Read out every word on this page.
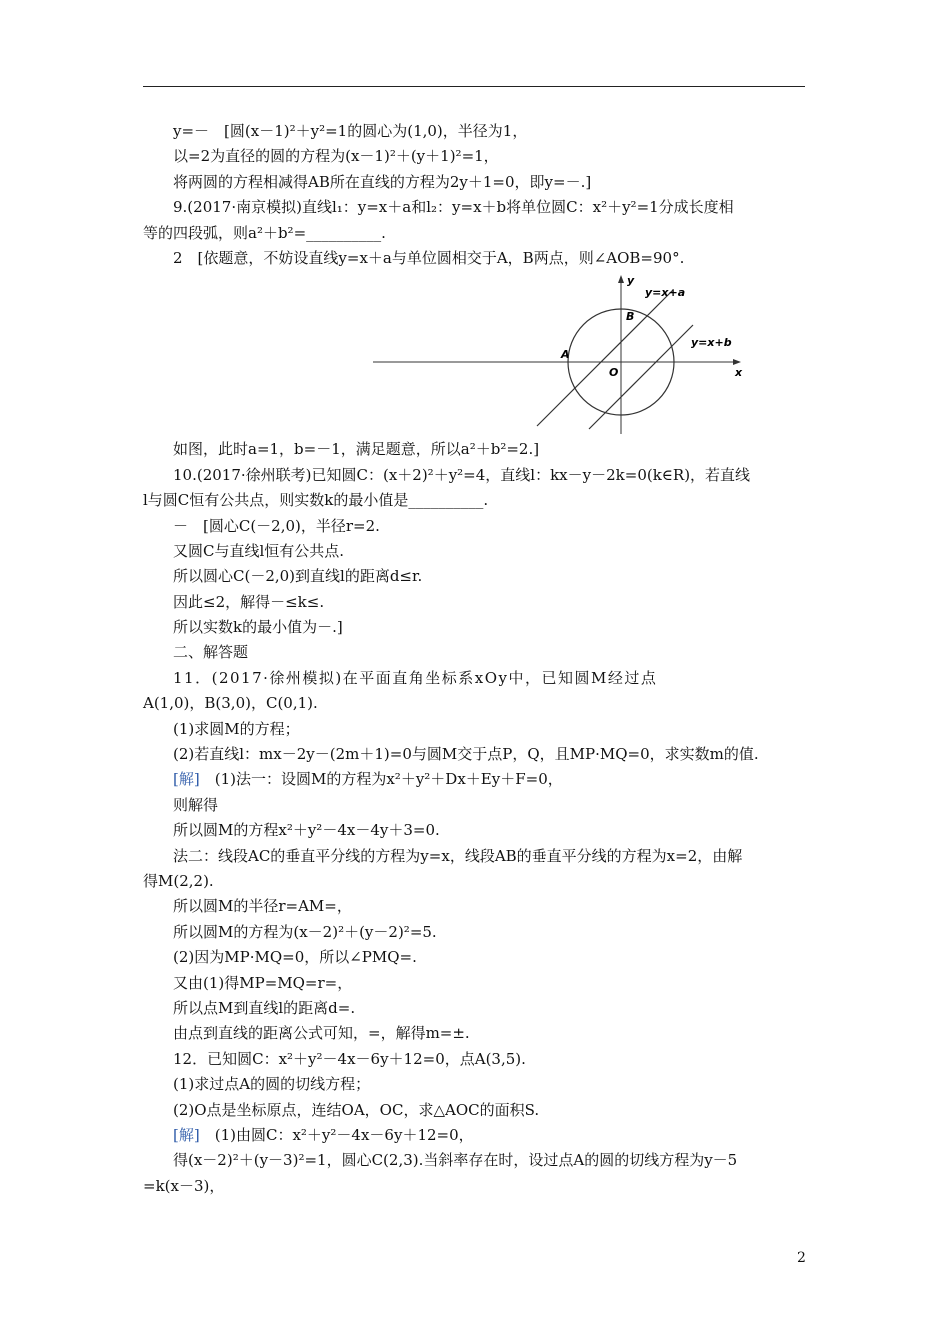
y=－　[圆(x－1)²＋y²=1的圆心为(1,0)，半径为1，
以=2为直径的圆的方程为(x－1)²＋(y＋1)²=1，
将两圆的方程相减得AB所在直线的方程为2y＋1=0，即y=－.]
9.(2017·南京模拟)直线l₁：y=x＋a和l₂：y=x＋b将单位圆C：x²＋y²=1分成长度相
等的四段弧，则a²＋b²=__________.
2　[依题意，不妨设直线y=x＋a与单位圆相交于A，B两点，则∠AOB=90°.
y=x+a
y=x+b
A
B
O	x
y
如图，此时a=1，b=－1，满足题意，所以a²＋b²=2.]
10.(2017·徐州联考)已知圆C：(x＋2)²＋y²=4，直线l：kx－y－2k=0(k∈R)，若直线
l与圆C恒有公共点，则实数k的最小值是__________.
－　[圆心C(－2,0)，半径r=2.
又圆C与直线l恒有公共点.
所以圆心C(－2,0)到直线l的距离d≤r.
因此≤2，解得－≤k≤.
所以实数k的最小值为－.]
二、解答题
11．(2017·徐州模拟)在平面直角坐标系xOy中，已知圆M经过点
A(1,0)，B(3,0)，C(0,1).
(1)求圆M的方程；
(2)若直线l：mx－2y－(2m＋1)=0与圆M交于点P，Q，且MP·MQ=0，求实数m的值.
[解]　 (1)法一：设圆M的方程为x²＋y²＋Dx＋Ey＋F=0，
则解得
所以圆M的方程x²＋y²－4x－4y＋3=0.
法二：线段AC的垂直平分线的方程为y=x，线段AB的垂直平分线的方程为x=2，由解
得M(2,2).
所以圆M的半径r=AM=，
所以圆M的方程为(x－2)²＋(y－2)²=5.
(2)因为MP·MQ=0，所以∠PMQ=.
又由(1)得MP=MQ=r=，
所以点M到直线l的距离d=.
由点到直线的距离公式可知，=，解得m=±.
12．已知圆C：x²＋y²－4x－6y＋12=0，点A(3,5).
(1)求过点A的圆的切线方程；
(2)O点是坐标原点，连结OA，OC，求△AOC的面积S.
[解]　 (1)由圆C：x²＋y²－4x－6y＋12=0，
得(x－2)²＋(y－3)²=1，圆心C(2,3).当斜率存在时，设过点A的圆的切线方程为y－5
=k(x－3)，
2
